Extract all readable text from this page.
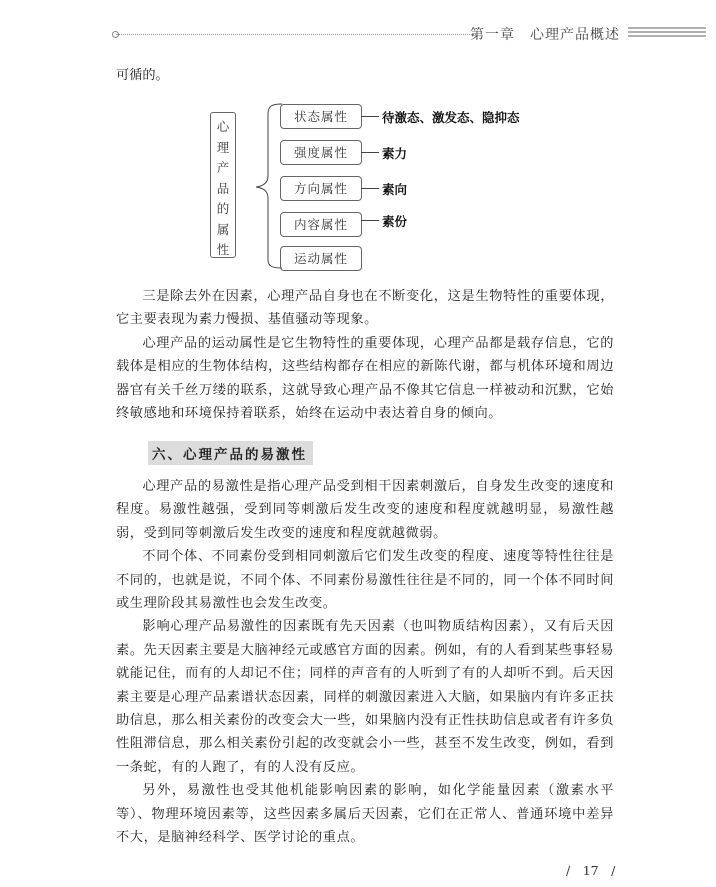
第一章　心理产品概述
可循的。
心
理
产
品
的
属
性
状态属性	待激态、激发态、隐抑态
强度属性	素力
方向属性	素向
内容属性	素份
运动属性

三是除去外在因素，心理产品自身也在不断变化，这是生物特性的重要体现，它主要表现为素力慢损、基值骚动等现象。

心理产品的运动属性是它生物特性的重要体现，心理产品都是载存信息，它的载体是相应的生物体结构，这些结构都存在相应的新陈代谢，都与机体环境和周边器官有关千丝万缕的联系，这就导致心理产品不像其它信息一样被动和沉默，它始终敏感地和环境保持着联系，始终在运动中表达着自身的倾向。

六、心理产品的易激性

心理产品的易激性是指心理产品受到相干因素刺激后，自身发生改变的速度和程度。易激性越强，受到同等刺激后发生改变的速度和程度就越明显，易激性越弱，受到同等刺激后发生改变的速度和程度就越微弱。

不同个体、不同素份受到相同刺激后它们发生改变的程度、速度等特性往往是不同的，也就是说，不同个体、不同素份易激性往往是不同的，同一个体不同时间或生理阶段其易激性也会发生改变。

影响心理产品易激性的因素既有先天因素（也叫物质结构因素），又有后天因素。先天因素主要是大脑神经元或感官方面的因素。例如，有的人看到某些事轻易就能记住，而有的人却记不住；同样的声音有的人听到了有的人却听不到。后天因素主要是心理产品素谱状态因素，同样的刺激因素进入大脑，如果脑内有许多正扶助信息，那么相关素份的改变会大一些，如果脑内没有正性扶助信息或者有许多负性阻滞信息，那么相关素份引起的改变就会小一些，甚至不发生改变，例如，看到一条蛇，有的人跑了，有的人没有反应。

另外，易激性也受其他机能影响因素的影响，如化学能量因素（激素水平等）、物理环境因素等，这些因素多属后天因素，它们在正常人、普通环境中差异不大，是脑神经科学、医学讨论的重点。

/　17　/
